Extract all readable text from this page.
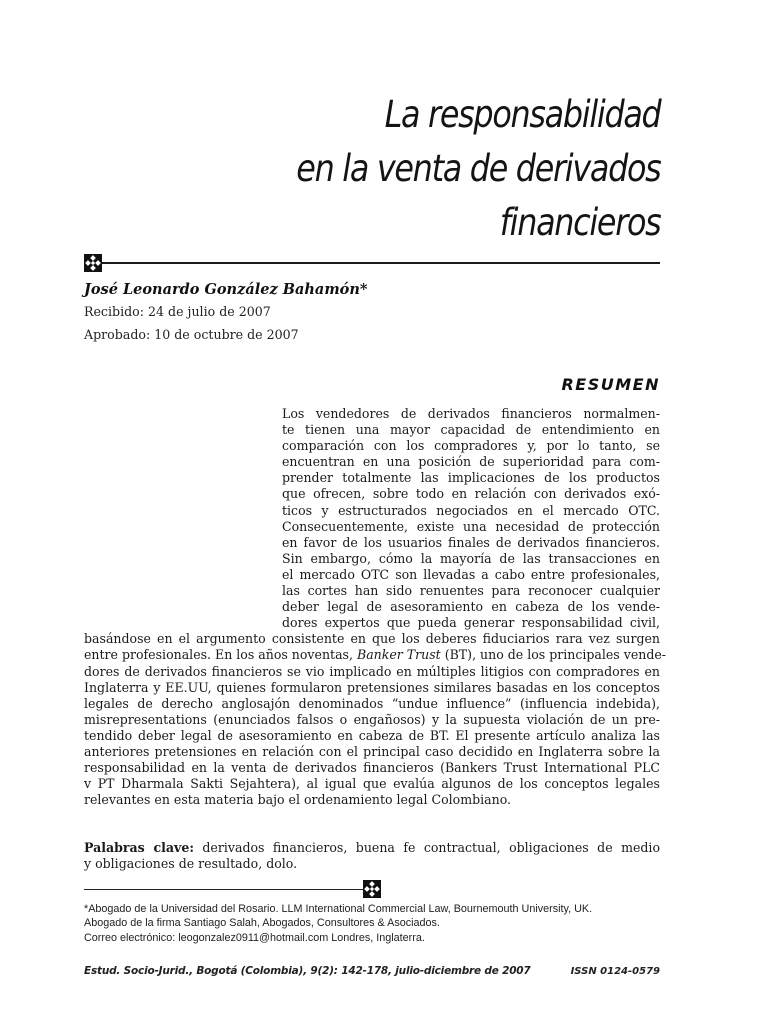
La responsabilidad
en la venta de derivados
financieros
José Leonardo González Bahamón*
Recibido: 24 de julio de 2007
Aprobado: 10 de octubre de 2007
RESUMEN
Los vendedores de derivados financieros normalmen-
te tienen una mayor capacidad de entendimiento en
comparación con los compradores y, por lo tanto, se
encuentran en una posición de superioridad para com-
prender totalmente las implicaciones de los productos
que ofrecen, sobre todo en relación con derivados exó-
ticos y estructurados negociados en el mercado OTC.
Consecuentemente, existe una necesidad de protección
en favor de los usuarios finales de derivados financieros.
Sin embargo, cómo la mayoría de las transacciones en
el mercado OTC son llevadas a cabo entre profesionales,
las cortes han sido renuentes para reconocer cualquier
deber legal de asesoramiento en cabeza de los vende-
dores expertos que pueda generar responsabilidad civil,
basándose en el argumento consistente en que los deberes fiduciarios rara vez surgen
entre profesionales. En los años noventas, Banker Trust (BT), uno de los principales vende-
dores de derivados financieros se vio implicado en múltiples litigios con compradores en
Inglaterra y EE.UU, quienes formularon pretensiones similares basadas en los conceptos
legales de derecho anglosajón denominados “undue influence” (influencia indebida),
misrepresentations (enunciados falsos o engañosos) y la supuesta violación de un pre-
tendido deber legal de asesoramiento en cabeza de BT. El presente artículo analiza las
anteriores pretensiones en relación con el principal caso decidido en Inglaterra sobre la
responsabilidad en la venta de derivados financieros (Bankers Trust International PLC
v PT Dharmala Sakti Sejahtera), al igual que evalúa algunos de los conceptos legales
relevantes en esta materia bajo el ordenamiento legal Colombiano.
Palabras clave: derivados financieros, buena fe contractual, obligaciones de medio
y obligaciones de resultado, dolo.
*Abogado de la Universidad del Rosario. LLM International Commercial Law, Bournemouth University, UK.
Abogado de la firma Santiago Salah, Abogados, Consultores & Asociados.
Correo electrónico: leogonzalez0911@hotmail.com Londres, Inglaterra.
Estud. Socio-Jurid., Bogotá (Colombia), 9(2): 142-178, julio-diciembre de 2007	ISSN 0124-0579
